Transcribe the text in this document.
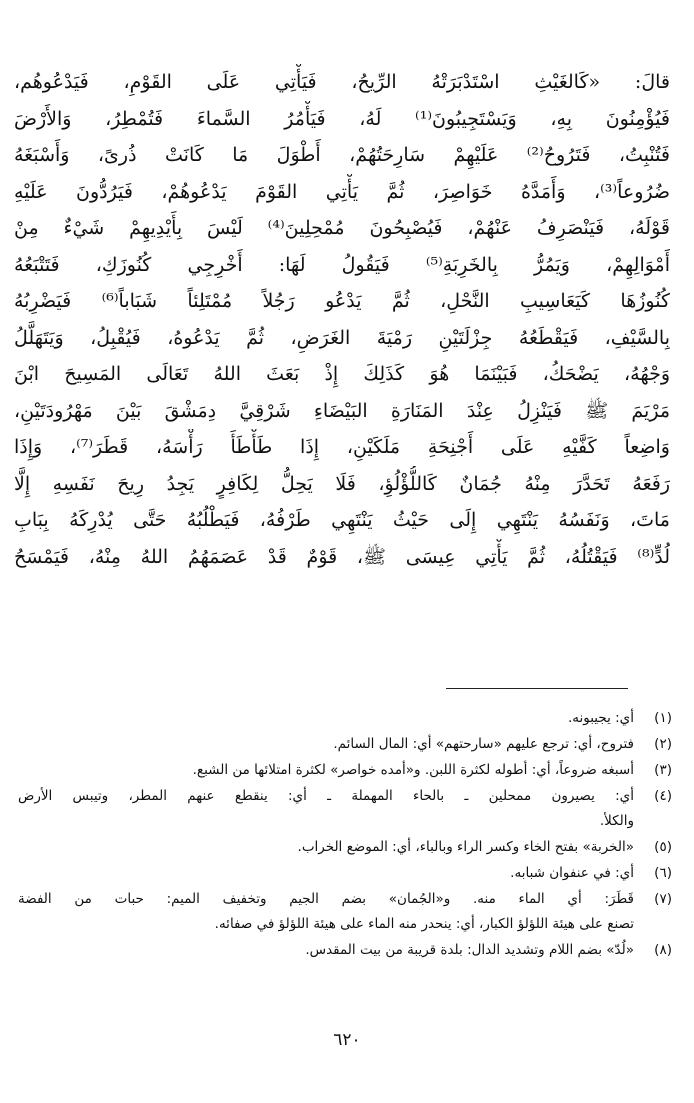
قالَ: «كَالغَيْثِ اسْتَدْبَرَتْهُ الرِّيحُ، فَيَأْتِي عَلَى القَوْمِ، فَيَدْعُوهُم،
فَيُؤْمِنُونَ بِهِ، وَيَسْتَجِيبُونَ⁽¹⁾ لَهُ، فَيَأْمُرُ السَّماءَ فَتُمْطِرُ، وَالأَرْضَ
فَتُنْبِتُ، فَتَرُوحُ⁽²⁾ عَلَيْهِمْ سَارِحَتُهُمْ، أَطْوَلَ مَا كَانَتْ ذُرىً، وَأَسْبَغَهُ
ضُرُوعاً⁽³⁾، وَأَمَدَّهُ خَوَاصِرَ، ثُمَّ يَأْتِي القَوْمَ يَدْعُوهُمْ، فَيَرُدُّونَ عَلَيْهِ
قَوْلَهُ، فَيَنْصَرِفُ عَنْهُمْ، فَيُصْبِحُونَ مُمْحِلِينَ⁽⁴⁾ لَيْسَ بِأَيْدِيهِمْ شَيْءٌ مِنْ
أَمْوَالِهِمْ، وَيَمُرُّ بِالخَرِبَةِ⁽⁵⁾ فَيَقُولُ لَهَا: أَخْرِجِي كُنُوزَكِ، فَتَتْبَعُهُ
كُنُوزُهَا كَيَعَاسِيبِ النَّحْلِ، ثُمَّ يَدْعُو رَجُلاً مُمْتَلِئاً شَبَاباً⁽⁶⁾ فَيَضْرِبُهُ
بِالسَّيْفِ، فَيَقْطَعُهُ جِزْلَتَيْنِ رَمْيَةَ الغَرَضِ، ثُمَّ يَدْعُوهُ، فَيُقْبِلُ، وَيَتَهَلَّلُ
وَجْهُهُ، يَضْحَكُ، فَبَيْنَمَا هُوَ كَذَلِكَ إِذْ بَعَثَ اللهُ تَعَالَى المَسِيحَ ابْنَ
مَرْيَمَ ﷺ فَيَنْزِلُ عِنْدَ المَنَارَةِ البَيْضَاءِ شَرْقِيَّ دِمَشْقَ بَيْنَ مَهْرُودَتَيْنِ،
وَاضِعاً كَفَّيْهِ عَلَى أَجْنِحَةِ مَلَكَيْنِ، إِذَا طَأْطَأَ رَأْسَهُ، قَطَرَ⁽⁷⁾، وَإِذَا
رَفَعَهُ تَحَدَّرَ مِنْهُ جُمَانٌ كَاللُّؤْلُؤِ، فَلَا يَحِلُّ لِكَافِرٍ يَجِدُ رِيحَ نَفَسِهِ إِلَّا
مَاتَ، وَنَفَسُهُ يَنْتَهِي إِلَى حَيْثُ يَنْتَهِي طَرْفُهُ، فَيَطْلُبُهُ حَتَّى يُدْرِكَهُ بِبَابِ
لُدٍّ⁽⁸⁾ فَيَقْتُلُهُ، ثُمَّ يَأْتِي عِيسَى ﷺ، قَوْمٌ قَدْ عَصَمَهُمُ اللهُ مِنْهُ، فَيَمْسَحُ
(١)
أي: يجيبونه.
(٢)
فتروح، أي: ترجع عليهم «سارحتهم» أي: المال السائم.
(٣)
أسبغه ضروعاً، أي: أطوله لكثرة اللبن. و«أمده خواصر» لكثرة امتلائها من الشبع.
(٤)
أي: يصيرون ممحلين ـ بالحاء المهملة ـ أي: ينقطع عنهم المطر، وتيبس الأرض
والكلأ.
(٥)
«الخربة» بفتح الخاء وكسر الراء وبالباء، أي: الموضع الخراب.
(٦)
أي: في عنفوان شبابه.
(٧)
قَطَرَ: أي الماء منه. و«الجُمان» بضم الجيم وتخفيف الميم: حبات من الفضة
تصنع على هيئة اللؤلؤ الكبار، أي: ينحدر منه الماء على هيئة اللؤلؤ في صفائه.
(٨)
«لُدّ» بضم اللام وتشديد الدال: بلدة قريبة من بيت المقدس.
٦٢٠
